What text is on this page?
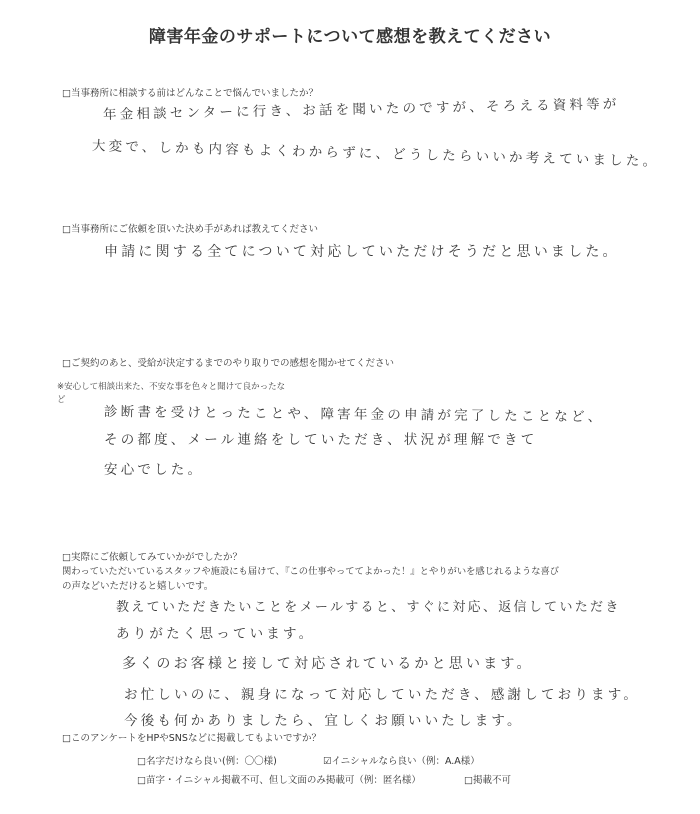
障害年金のサポートについて感想を教えてください
□当事務所に相談する前はどんなことで悩んでいましたか？
年金相談センターに行き、お話を聞いたのですが、そろえる資料等が
大変で、しかも内容もよくわからずに、どうしたらいいか考えていました。
□当事務所にご依頼を頂いた決め手があれば教えてください
申請に関する全てについて対応していただけそうだと思いました。
□ご契約のあと、受給が決定するまでのやり取りでの感想を聞かせてください
※安心して相談出来た、不安な事を色々と聞けて良かったな
ど
診断書を受けとったことや、障害年金の申請が完了したことなど、
その都度、メール連絡をしていただき、状況が理解できて
安心でした。
□実際にご依頼してみていかがでしたか？
関わっていただいているスタッフや施設にも届けて、『この仕事やっててよかった！』とやりがいを感じれるような喜び
の声などいただけると嬉しいです。
教えていただきたいことをメールすると、すぐに対応、返信していただき
ありがたく思っています。
多くのお客様と接して対応されているかと思います。
お忙しいのに、親身になって対応していただき、感謝しております。
今後も何かありましたら、宜しくお願いいたします。
□このアンケートをHPやSNSなどに掲載してもよいですか？
□名字だけなら良い(例：〇〇様)	☑イニシャルなら良い（例：A.A様）
□苗字・イニシャル掲載不可、但し文面のみ掲載可（例：匿名様）	□掲載不可
